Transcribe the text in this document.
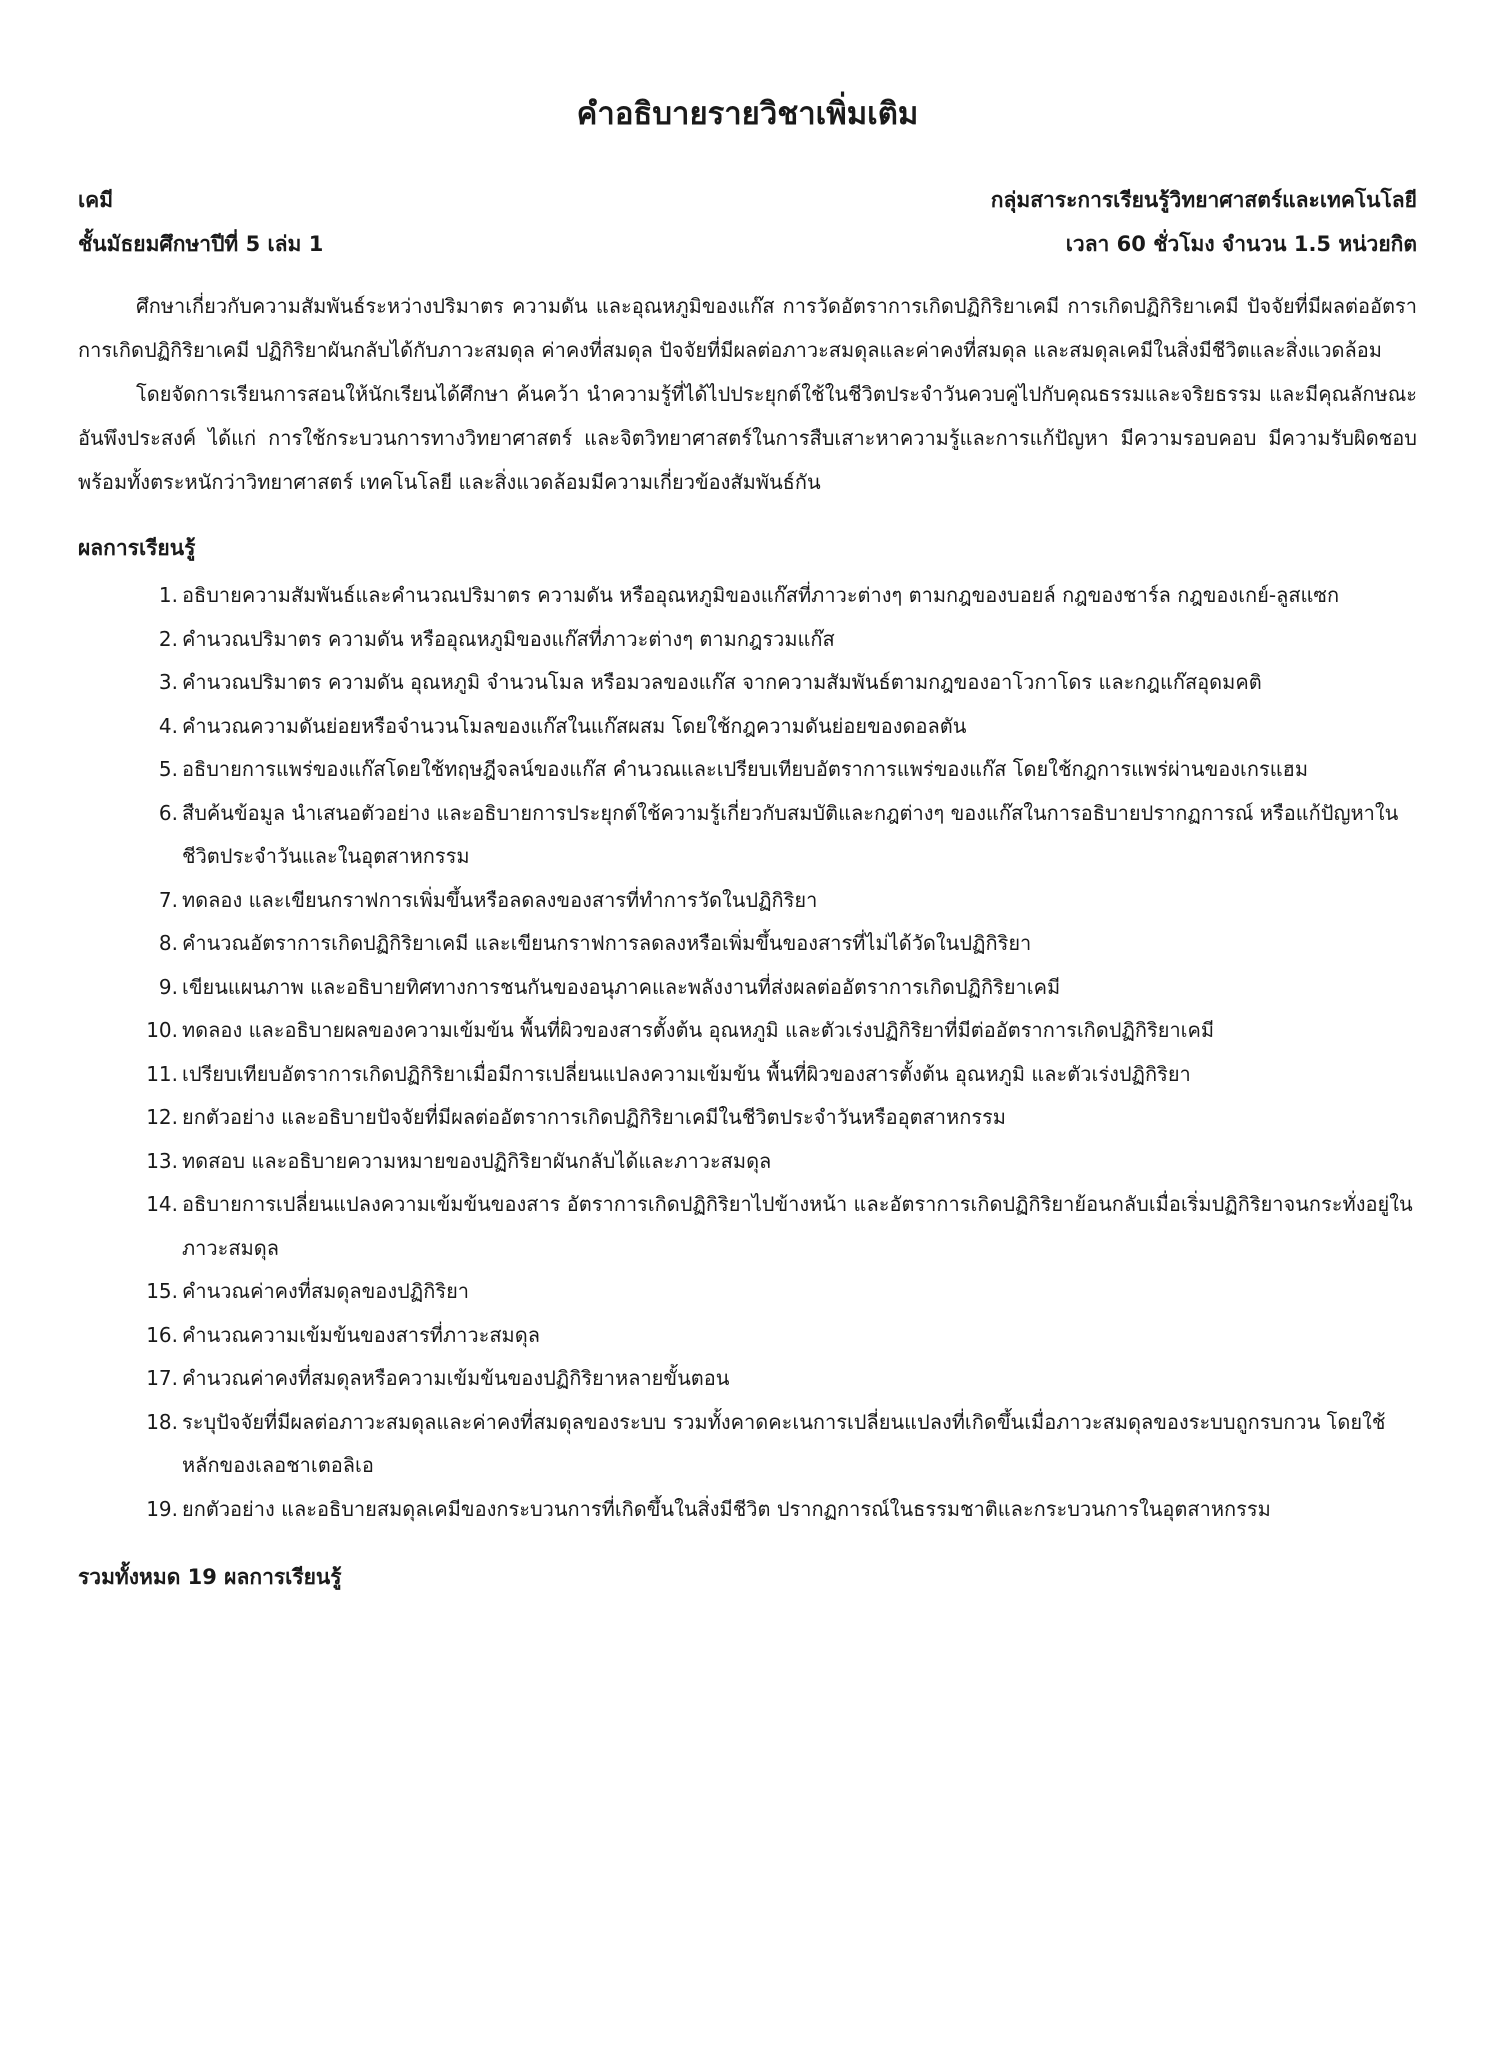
คำอธิบายรายวิชาเพิ่มเติม
เคมี	กลุ่มสาระการเรียนรู้วิทยาศาสตร์และเทคโนโลยี
ชั้นมัธยมศึกษาปีที่ 5 เล่ม 1	เวลา 60 ชั่วโมง จำนวน 1.5 หน่วยกิต

ศึกษาเกี่ยวกับความสัมพันธ์ระหว่างปริมาตร ความดัน และอุณหภูมิของแก๊ส การวัดอัตราการเกิดปฏิกิริยาเคมี การเกิดปฏิกิริยาเคมี ปัจจัยที่มีผลต่ออัตราการเกิดปฏิกิริยาเคมี ปฏิกิริยาผันกลับได้กับภาวะสมดุล ค่าคงที่สมดุล ปัจจัยที่มีผลต่อภาวะสมดุลและค่าคงที่สมดุล และสมดุลเคมีในสิ่งมีชีวิตและสิ่งแวดล้อม

โดยจัดการเรียนการสอนให้นักเรียนได้ศึกษา ค้นคว้า นำความรู้ที่ได้ไปประยุกต์ใช้ในชีวิตประจำวันควบคู่ไปกับคุณธรรมและจริยธรรม และมีคุณลักษณะอันพึงประสงค์ ได้แก่ การใช้กระบวนการทางวิทยาศาสตร์ และจิตวิทยาศาสตร์ในการสืบเสาะหาความรู้และการแก้ปัญหา มีความรอบคอบ มีความรับผิดชอบ พร้อมทั้งตระหนักว่าวิทยาศาสตร์ เทคโนโลยี และสิ่งแวดล้อมมีความเกี่ยวข้องสัมพันธ์กัน

ผลการเรียนรู้
1. อธิบายความสัมพันธ์และคำนวณปริมาตร ความดัน หรืออุณหภูมิของแก๊สที่ภาวะต่างๆ ตามกฎของบอยล์ กฎของชาร์ล กฎของเกย์-ลูสแซก
2. คำนวณปริมาตร ความดัน หรืออุณหภูมิของแก๊สที่ภาวะต่างๆ ตามกฎรวมแก๊ส
3. คำนวณปริมาตร ความดัน อุณหภูมิ จำนวนโมล หรือมวลของแก๊ส จากความสัมพันธ์ตามกฎของอาโวกาโดร และกฎแก๊สอุดมคติ
4. คำนวณความดันย่อยหรือจำนวนโมลของแก๊สในแก๊สผสม โดยใช้กฎความดันย่อยของดอลตัน
5. อธิบายการแพร่ของแก๊สโดยใช้ทฤษฎีจลน์ของแก๊ส คำนวณและเปรียบเทียบอัตราการแพร่ของแก๊ส โดยใช้กฎการแพร่ผ่านของเกรแฮม
6. สืบค้นข้อมูล นำเสนอตัวอย่าง และอธิบายการประยุกต์ใช้ความรู้เกี่ยวกับสมบัติและกฎต่างๆ ของแก๊สในการอธิบายปรากฏการณ์ หรือแก้ปัญหาในชีวิตประจำวันและในอุตสาหกรรม
7. ทดลอง และเขียนกราฟการเพิ่มขึ้นหรือลดลงของสารที่ทำการวัดในปฏิกิริยา
8. คำนวณอัตราการเกิดปฏิกิริยาเคมี และเขียนกราฟการลดลงหรือเพิ่มขึ้นของสารที่ไม่ได้วัดในปฏิกิริยา
9. เขียนแผนภาพ และอธิบายทิศทางการชนกันของอนุภาคและพลังงานที่ส่งผลต่ออัตราการเกิดปฏิกิริยาเคมี
10. ทดลอง และอธิบายผลของความเข้มข้น พื้นที่ผิวของสารตั้งต้น อุณหภูมิ และตัวเร่งปฏิกิริยาที่มีต่ออัตราการเกิดปฏิกิริยาเคมี
11. เปรียบเทียบอัตราการเกิดปฏิกิริยาเมื่อมีการเปลี่ยนแปลงความเข้มข้น พื้นที่ผิวของสารตั้งต้น อุณหภูมิ และตัวเร่งปฏิกิริยา
12. ยกตัวอย่าง และอธิบายปัจจัยที่มีผลต่ออัตราการเกิดปฏิกิริยาเคมีในชีวิตประจำวันหรืออุตสาหกรรม
13. ทดสอบ และอธิบายความหมายของปฏิกิริยาผันกลับได้และภาวะสมดุล
14. อธิบายการเปลี่ยนแปลงความเข้มข้นของสาร อัตราการเกิดปฏิกิริยาไปข้างหน้า และอัตราการเกิดปฏิกิริยาย้อนกลับเมื่อเริ่มปฏิกิริยาจนกระทั่งอยู่ในภาวะสมดุล
15. คำนวณค่าคงที่สมดุลของปฏิกิริยา
16. คำนวณความเข้มข้นของสารที่ภาวะสมดุล
17. คำนวณค่าคงที่สมดุลหรือความเข้มข้นของปฏิกิริยาหลายขั้นตอน
18. ระบุปัจจัยที่มีผลต่อภาวะสมดุลและค่าคงที่สมดุลของระบบ รวมทั้งคาดคะเนการเปลี่ยนแปลงที่เกิดขึ้นเมื่อภาวะสมดุลของระบบถูกรบกวน โดยใช้หลักของเลอชาเตอลิเอ
19. ยกตัวอย่าง และอธิบายสมดุลเคมีของกระบวนการที่เกิดขึ้นในสิ่งมีชีวิต ปรากฏการณ์ในธรรมชาติและกระบวนการในอุตสาหกรรม
รวมทั้งหมด 19 ผลการเรียนรู้
